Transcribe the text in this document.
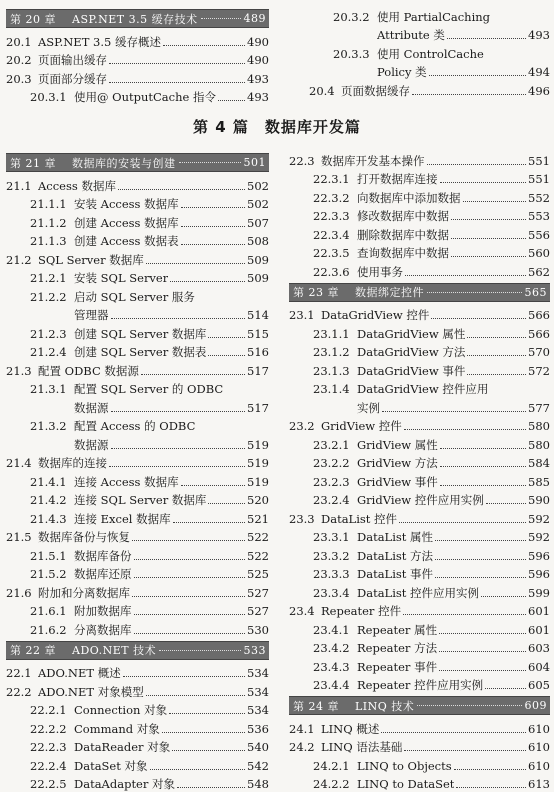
第 20 章	ASP.NET 3.5 缓存技术	489
20.1 ASP.NET 3.5 缓存概述	490
20.2 页面输出缓存	490
20.3 页面部分缓存	493
20.3.1 使用@ OutputCache 指令	493
20.3.2 使用 PartialCaching
Attribute 类	493
20.3.3 使用 ControlCache
Policy 类	494
20.4 页面数据缓存	496
第 4 篇　数据库开发篇
第 21 章	数据库的安装与创建	501
21.1 Access 数据库	502
21.1.1 安装 Access 数据库	502
21.1.2 创建 Access 数据库	507
21.1.3 创建 Access 数据表	508
21.2 SQL Server 数据库	509
21.2.1 安装 SQL Server	509
21.2.2 启动 SQL Server 服务
管理器	514
21.2.3 创建 SQL Server 数据库	515
21.2.4 创建 SQL Server 数据表	516
21.3 配置 ODBC 数据源	517
21.3.1 配置 SQL Server 的 ODBC
数据源	517
21.3.2 配置 Access 的 ODBC
数据源	519
21.4 数据库的连接	519
21.4.1 连接 Access 数据库	519
21.4.2 连接 SQL Server 数据库	520
21.4.3 连接 Excel 数据库	521
21.5 数据库备份与恢复	522
21.5.1 数据库备份	522
21.5.2 数据库还原	525
21.6 附加和分离数据库	527
21.6.1 附加数据库	527
21.6.2 分离数据库	530
第 22 章	ADO.NET 技术	533
22.1 ADO.NET 概述	534
22.2 ADO.NET 对象模型	534
22.2.1 Connection 对象	534
22.2.2 Command 对象	536
22.2.3 DataReader 对象	540
22.2.4 DataSet 对象	542
22.2.5 DataAdapter 对象	548
22.3 数据库开发基本操作	551
22.3.1 打开数据库连接	551
22.3.2 向数据库中添加数据	552
22.3.3 修改数据库中数据	553
22.3.4 删除数据库中数据	556
22.3.5 查询数据库中数据	560
22.3.6 使用事务	562
第 23 章	数据绑定控件	565
23.1 DataGridView 控件	566
23.1.1 DataGridView 属性	566
23.1.2 DataGridView 方法	570
23.1.3 DataGridView 事件	572
23.1.4 DataGridView 控件应用
实例	577
23.2 GridView 控件	580
23.2.1 GridView 属性	580
23.2.2 GridView 方法	584
23.2.3 GridView 事件	585
23.2.4 GridView 控件应用实例	590
23.3 DataList 控件	592
23.3.1 DataList 属性	592
23.3.2 DataList 方法	596
23.3.3 DataList 事件	596
23.3.4 DataList 控件应用实例	599
23.4 Repeater 控件	601
23.4.1 Repeater 属性	601
23.4.2 Repeater 方法	603
23.4.3 Repeater 事件	604
23.4.4 Repeater 控件应用实例	605
第 24 章	LINQ 技术	609
24.1 LINQ 概述	610
24.2 LINQ 语法基础	610
24.2.1 LINQ to Objects	610
24.2.2 LINQ to DataSet	613
